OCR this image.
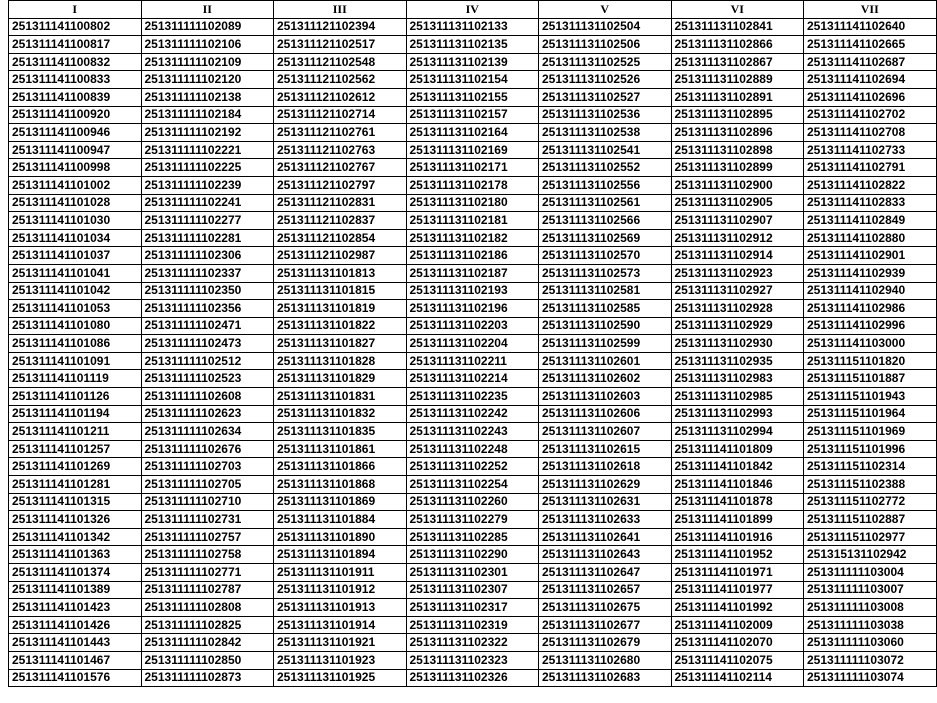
I	II	III	IV	V	VI	VII
251311141100802	251311111102089	251311121102394	251311131102133	251311131102504	251311131102841	251311141102640
251311141100817	251311111102106	251311121102517	251311131102135	251311131102506	251311131102866	251311141102665
251311141100832	251311111102109	251311121102548	251311131102139	251311131102525	251311131102867	251311141102687
251311141100833	251311111102120	251311121102562	251311131102154	251311131102526	251311131102889	251311141102694
251311141100839	251311111102138	251311121102612	251311131102155	251311131102527	251311131102891	251311141102696
251311141100920	251311111102184	251311121102714	251311131102157	251311131102536	251311131102895	251311141102702
251311141100946	251311111102192	251311121102761	251311131102164	251311131102538	251311131102896	251311141102708
251311141100947	251311111102221	251311121102763	251311131102169	251311131102541	251311131102898	251311141102733
251311141100998	251311111102225	251311121102767	251311131102171	251311131102552	251311131102899	251311141102791
251311141101002	251311111102239	251311121102797	251311131102178	251311131102556	251311131102900	251311141102822
251311141101028	251311111102241	251311121102831	251311131102180	251311131102561	251311131102905	251311141102833
251311141101030	251311111102277	251311121102837	251311131102181	251311131102566	251311131102907	251311141102849
251311141101034	251311111102281	251311121102854	251311131102182	251311131102569	251311131102912	251311141102880
251311141101037	251311111102306	251311121102987	251311131102186	251311131102570	251311131102914	251311141102901
251311141101041	251311111102337	251311131101813	251311131102187	251311131102573	251311131102923	251311141102939
251311141101042	251311111102350	251311131101815	251311131102193	251311131102581	251311131102927	251311141102940
251311141101053	251311111102356	251311131101819	251311131102196	251311131102585	251311131102928	251311141102986
251311141101080	251311111102471	251311131101822	251311131102203	251311131102590	251311131102929	251311141102996
251311141101086	251311111102473	251311131101827	251311131102204	251311131102599	251311131102930	251311141103000
251311141101091	251311111102512	251311131101828	251311131102211	251311131102601	251311131102935	251311151101820
251311141101119	251311111102523	251311131101829	251311131102214	251311131102602	251311131102983	251311151101887
251311141101126	251311111102608	251311131101831	251311131102235	251311131102603	251311131102985	251311151101943
251311141101194	251311111102623	251311131101832	251311131102242	251311131102606	251311131102993	251311151101964
251311141101211	251311111102634	251311131101835	251311131102243	251311131102607	251311131102994	251311151101969
251311141101257	251311111102676	251311131101861	251311131102248	251311131102615	251311141101809	251311151101996
251311141101269	251311111102703	251311131101866	251311131102252	251311131102618	251311141101842	251311151102314
251311141101281	251311111102705	251311131101868	251311131102254	251311131102629	251311141101846	251311151102388
251311141101315	251311111102710	251311131101869	251311131102260	251311131102631	251311141101878	251311151102772
251311141101326	251311111102731	251311131101884	251311131102279	251311131102633	251311141101899	251311151102887
251311141101342	251311111102757	251311131101890	251311131102285	251311131102641	251311141101916	251311151102977
251311141101363	251311111102758	251311131101894	251311131102290	251311131102643	251311141101952	251315131102942
251311141101374	251311111102771	251311131101911	251311131102301	251311131102647	251311141101971	251311111103004
251311141101389	251311111102787	251311131101912	251311131102307	251311131102657	251311141101977	251311111103007
251311141101423	251311111102808	251311131101913	251311131102317	251311131102675	251311141101992	251311111103008
251311141101426	251311111102825	251311131101914	251311131102319	251311131102677	251311141102009	251311111103038
251311141101443	251311111102842	251311131101921	251311131102322	251311131102679	251311141102070	251311111103060
251311141101467	251311111102850	251311131101923	251311131102323	251311131102680	251311141102075	251311111103072
251311141101576	251311111102873	251311131101925	251311131102326	251311131102683	251311141102114	251311111103074
